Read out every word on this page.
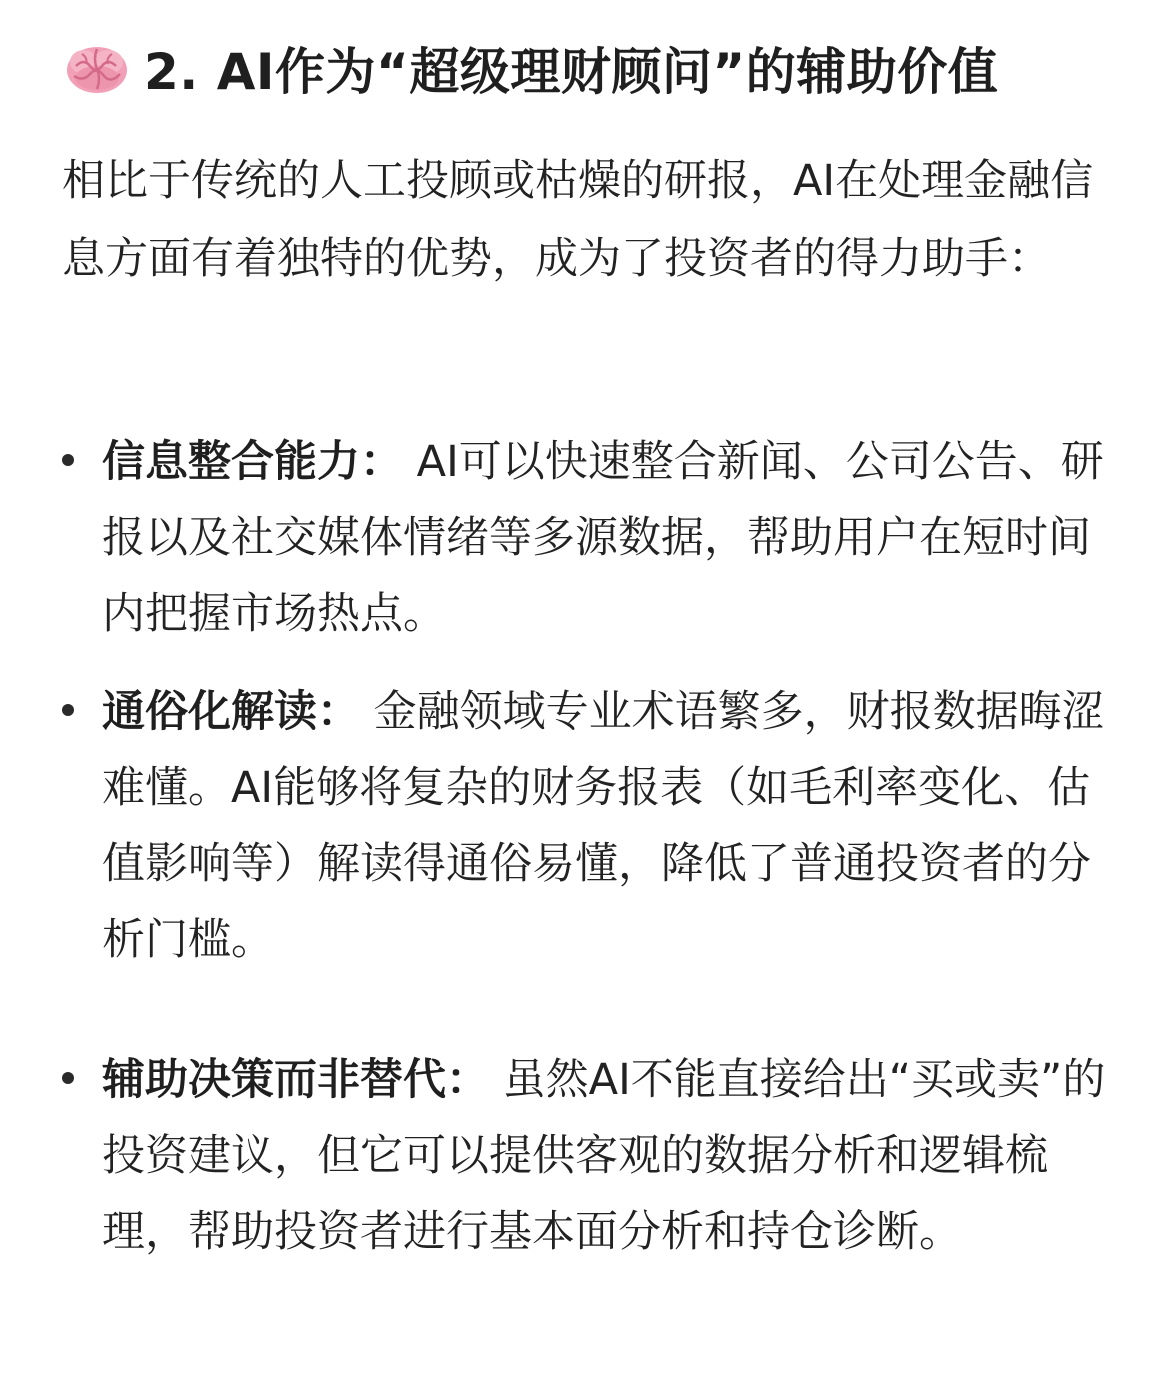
2. AI作为“超级理财顾问”的辅助价值
相比于传统的人工投顾或枯燥的研报，AI在处理金融信息方面有着独特的优势，成为了投资者的得力助手：
信息整合能力： AI可以快速整合新闻、公司公告、研报以及社交媒体情绪等多源数据，帮助用户在短时间内把握市场热点。
通俗化解读： 金融领域专业术语繁多，财报数据晦涩难懂。AI能够将复杂的财务报表（如毛利率变化、估值影响等）解读得通俗易懂，降低了普通投资者的分析门槛。
辅助决策而非替代： 虽然AI不能直接给出“买或卖”的投资建议，但它可以提供客观的数据分析和逻辑梳理，帮助投资者进行基本面分析和持仓诊断。
